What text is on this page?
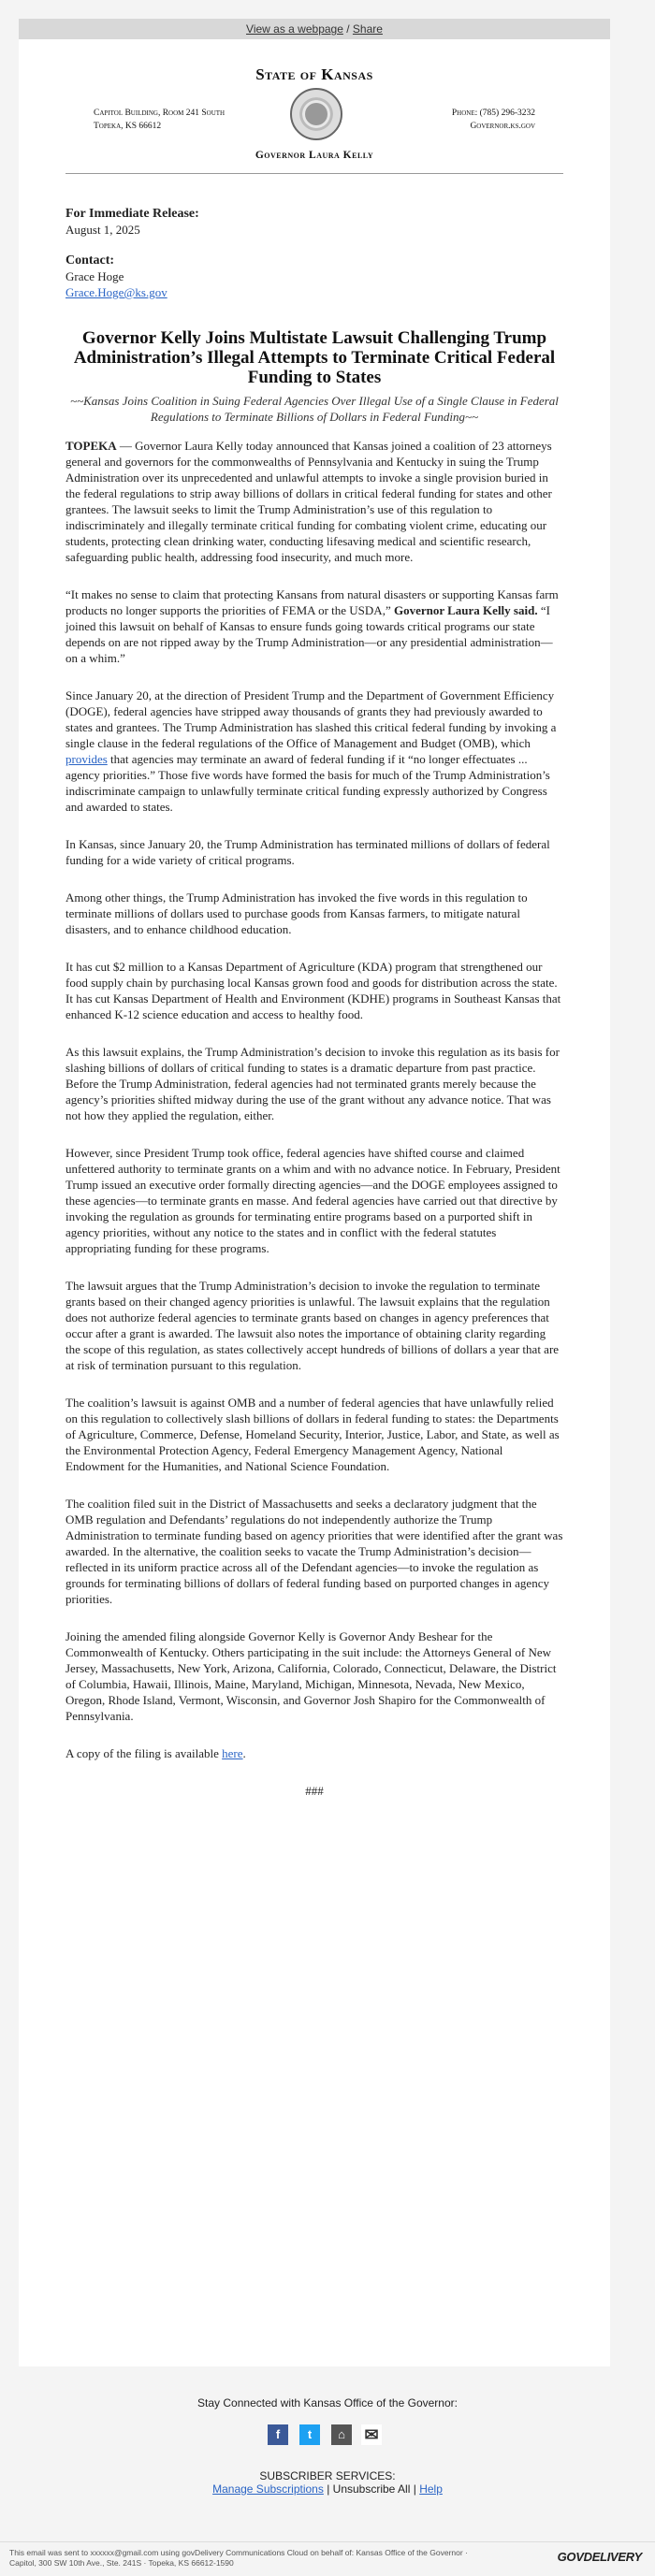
View as a webpage / Share
State of Kansas
Capitol Building, Room 241 South
Topeka, KS 66612
Phone: (785) 296-3232
Governor.ks.gov
Governor Laura Kelly
For Immediate Release:
August 1, 2025
Contact:
Grace Hoge
Grace.Hoge@ks.gov
Governor Kelly Joins Multistate Lawsuit Challenging Trump Administration’s Illegal Attempts to Terminate Critical Federal Funding to States
~~Kansas Joins Coalition in Suing Federal Agencies Over Illegal Use of a Single Clause in Federal Regulations to Terminate Billions of Dollars in Federal Funding~~

TOPEKA — Governor Laura Kelly today announced that Kansas joined a coalition of 23 attorneys general and governors for the commonwealths of Pennsylvania and Kentucky in suing the Trump Administration over its unprecedented and unlawful attempts to invoke a single provision buried in the federal regulations to strip away billions of dollars in critical federal funding for states and other grantees. The lawsuit seeks to limit the Trump Administration’s use of this regulation to indiscriminately and illegally terminate critical funding for combating violent crime, educating our students, protecting clean drinking water, conducting lifesaving medical and scientific research, safeguarding public health, addressing food insecurity, and much more.

“It makes no sense to claim that protecting Kansans from natural disasters or supporting Kansas farm products no longer supports the priorities of FEMA or the USDA,” Governor Laura Kelly said. “I joined this lawsuit on behalf of Kansas to ensure funds going towards critical programs our state depends on are not ripped away by the Trump Administration—or any presidential administration—on a whim.”

Since January 20, at the direction of President Trump and the Department of Government Efficiency (DOGE), federal agencies have stripped away thousands of grants they had previously awarded to states and grantees. The Trump Administration has slashed this critical federal funding by invoking a single clause in the federal regulations of the Office of Management and Budget (OMB), which provides that agencies may terminate an award of federal funding if it “no longer effectuates ... agency priorities.” Those five words have formed the basis for much of the Trump Administration’s indiscriminate campaign to unlawfully terminate critical funding expressly authorized by Congress and awarded to states.

In Kansas, since January 20, the Trump Administration has terminated millions of dollars of federal funding for a wide variety of critical programs.

Among other things, the Trump Administration has invoked the five words in this regulation to terminate millions of dollars used to purchase goods from Kansas farmers, to mitigate natural disasters, and to enhance childhood education.

It has cut $2 million to a Kansas Department of Agriculture (KDA) program that strengthened our food supply chain by purchasing local Kansas grown food and goods for distribution across the state. It has cut Kansas Department of Health and Environment (KDHE) programs in Southeast Kansas that enhanced K-12 science education and access to healthy food.

As this lawsuit explains, the Trump Administration’s decision to invoke this regulation as its basis for slashing billions of dollars of critical funding to states is a dramatic departure from past practice. Before the Trump Administration, federal agencies had not terminated grants merely because the agency’s priorities shifted midway during the use of the grant without any advance notice. That was not how they applied the regulation, either.

However, since President Trump took office, federal agencies have shifted course and claimed unfettered authority to terminate grants on a whim and with no advance notice. In February, President Trump issued an executive order formally directing agencies—and the DOGE employees assigned to these agencies—to terminate grants en masse. And federal agencies have carried out that directive by invoking the regulation as grounds for terminating entire programs based on a purported shift in agency priorities, without any notice to the states and in conflict with the federal statutes appropriating funding for these programs.

The lawsuit argues that the Trump Administration’s decision to invoke the regulation to terminate grants based on their changed agency priorities is unlawful. The lawsuit explains that the regulation does not authorize federal agencies to terminate grants based on changes in agency preferences that occur after a grant is awarded. The lawsuit also notes the importance of obtaining clarity regarding the scope of this regulation, as states collectively accept hundreds of billions of dollars a year that are at risk of termination pursuant to this regulation.

The coalition’s lawsuit is against OMB and a number of federal agencies that have unlawfully relied on this regulation to collectively slash billions of dollars in federal funding to states: the Departments of Agriculture, Commerce, Defense, Homeland Security, Interior, Justice, Labor, and State, as well as the Environmental Protection Agency, Federal Emergency Management Agency, National Endowment for the Humanities, and National Science Foundation.

The coalition filed suit in the District of Massachusetts and seeks a declaratory judgment that the OMB regulation and Defendants’ regulations do not independently authorize the Trump Administration to terminate funding based on agency priorities that were identified after the grant was awarded. In the alternative, the coalition seeks to vacate the Trump Administration’s decision—reflected in its uniform practice across all of the Defendant agencies—to invoke the regulation as grounds for terminating billions of dollars of federal funding based on purported changes in agency priorities.

Joining the amended filing alongside Governor Kelly is Governor Andy Beshear for the Commonwealth of Kentucky. Others participating in the suit include: the Attorneys General of New Jersey, Massachusetts, New York, Arizona, California, Colorado, Connecticut, Delaware, the District of Columbia, Hawaii, Illinois, Maine, Maryland, Michigan, Minnesota, Nevada, New Mexico, Oregon, Rhode Island, Vermont, Wisconsin, and Governor Josh Shapiro for the Commonwealth of Pennsylvania.

A copy of the filing is available here.

###
Stay Connected with Kansas Office of the Governor:
f	t	⌂	✉
SUBSCRIBER SERVICES:
Manage Subscriptions | Unsubscribe All | Help
This email was sent to xxxxxx@gmail.com using govDelivery Communications Cloud on behalf of: Kansas Office of the Governor ·
Capitol, 300 SW 10th Ave., Ste. 241S · Topeka, KS 66612-1590	GOVDELIVERY
